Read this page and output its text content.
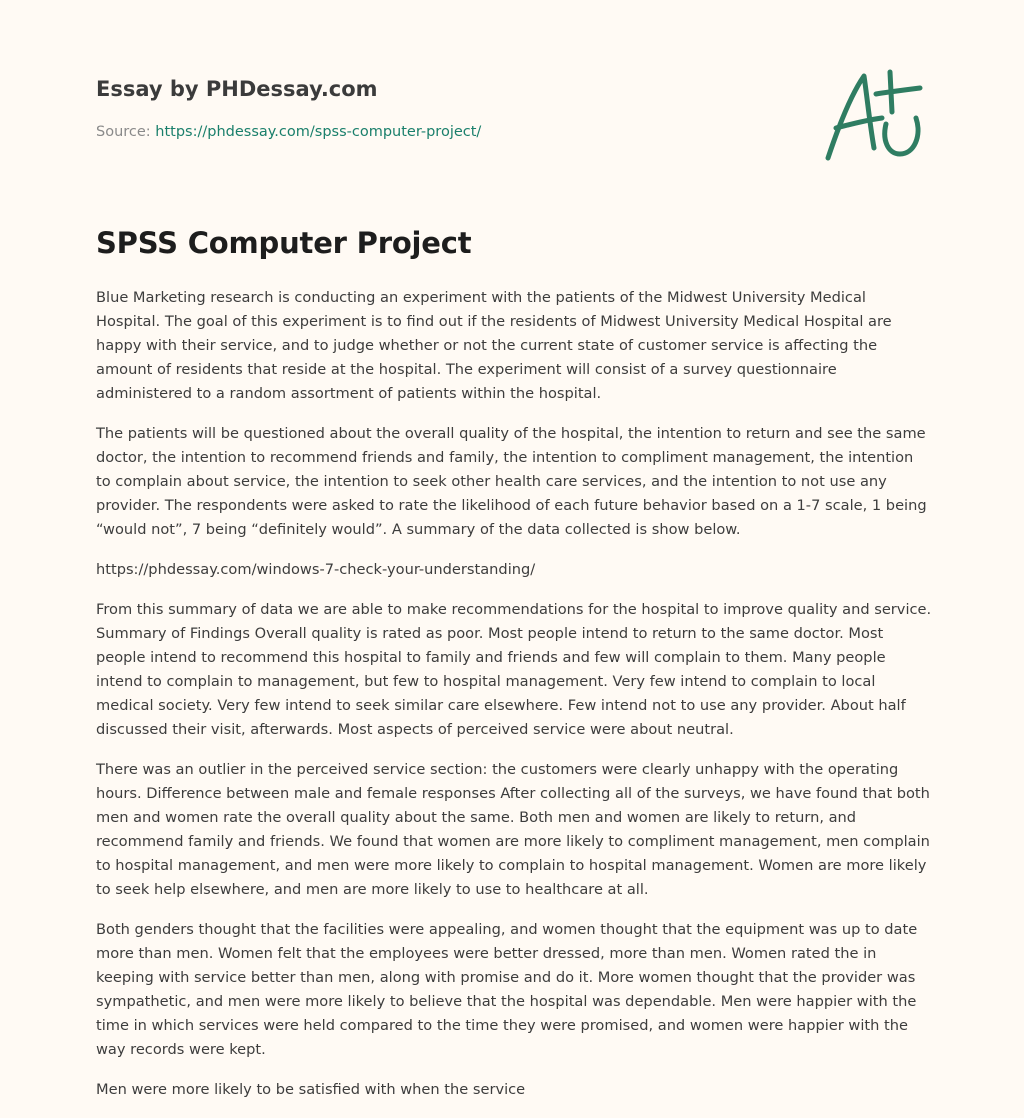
Essay by PHDessay.com
Source: https://phdessay.com/spss-computer-project/
SPSS Computer Project

Blue Marketing research is conducting an experiment with the patients of the Midwest University Medical Hospital. The goal of this experiment is to find out if the residents of Midwest University Medical Hospital are happy with their service, and to judge whether or not the current state of customer service is affecting the amount of residents that reside at the hospital. The experiment will consist of a survey questionnaire administered to a random assortment of patients within the hospital.

The patients will be questioned about the overall quality of the hospital, the intention to return and see the same doctor, the intention to recommend friends and family, the intention to compliment management, the intention to complain about service, the intention to seek other health care services, and the intention to not use any provider. The respondents were asked to rate the likelihood of each future behavior based on a 1-7 scale, 1 being “would not”, 7 being “definitely would”. A summary of the data collected is show below.

https://phdessay.com/windows-7-check-your-understanding/

From this summary of data we are able to make recommendations for the hospital to improve quality and service. Summary of Findings Overall quality is rated as poor. Most people intend to return to the same doctor. Most people intend to recommend this hospital to family and friends and few will complain to them. Many people intend to complain to management, but few to hospital management. Very few intend to complain to local medical society. Very few intend to seek similar care elsewhere. Few intend not to use any provider. About half discussed their visit, afterwards. Most aspects of perceived service were about neutral.

There was an outlier in the perceived service section: the customers were clearly unhappy with the operating hours. Difference between male and female responses After collecting all of the surveys, we have found that both men and women rate the overall quality about the same. Both men and women are likely to return, and recommend family and friends. We found that women are more likely to compliment management, men complain to hospital management, and men were more likely to complain to hospital management. Women are more likely to seek help elsewhere, and men are more likely to use to healthcare at all.

Both genders thought that the facilities were appealing, and women thought that the equipment was up to date more than men. Women felt that the employees were better dressed, more than men. Women rated the in keeping with service better than men, along with promise and do it. More women thought that the provider was sympathetic, and men were more likely to believe that the hospital was dependable. Men were happier with the time in which services were held compared to the time they were promised, and women were happier with the way records were kept.

Men were more likely to be satisfied with when the service
